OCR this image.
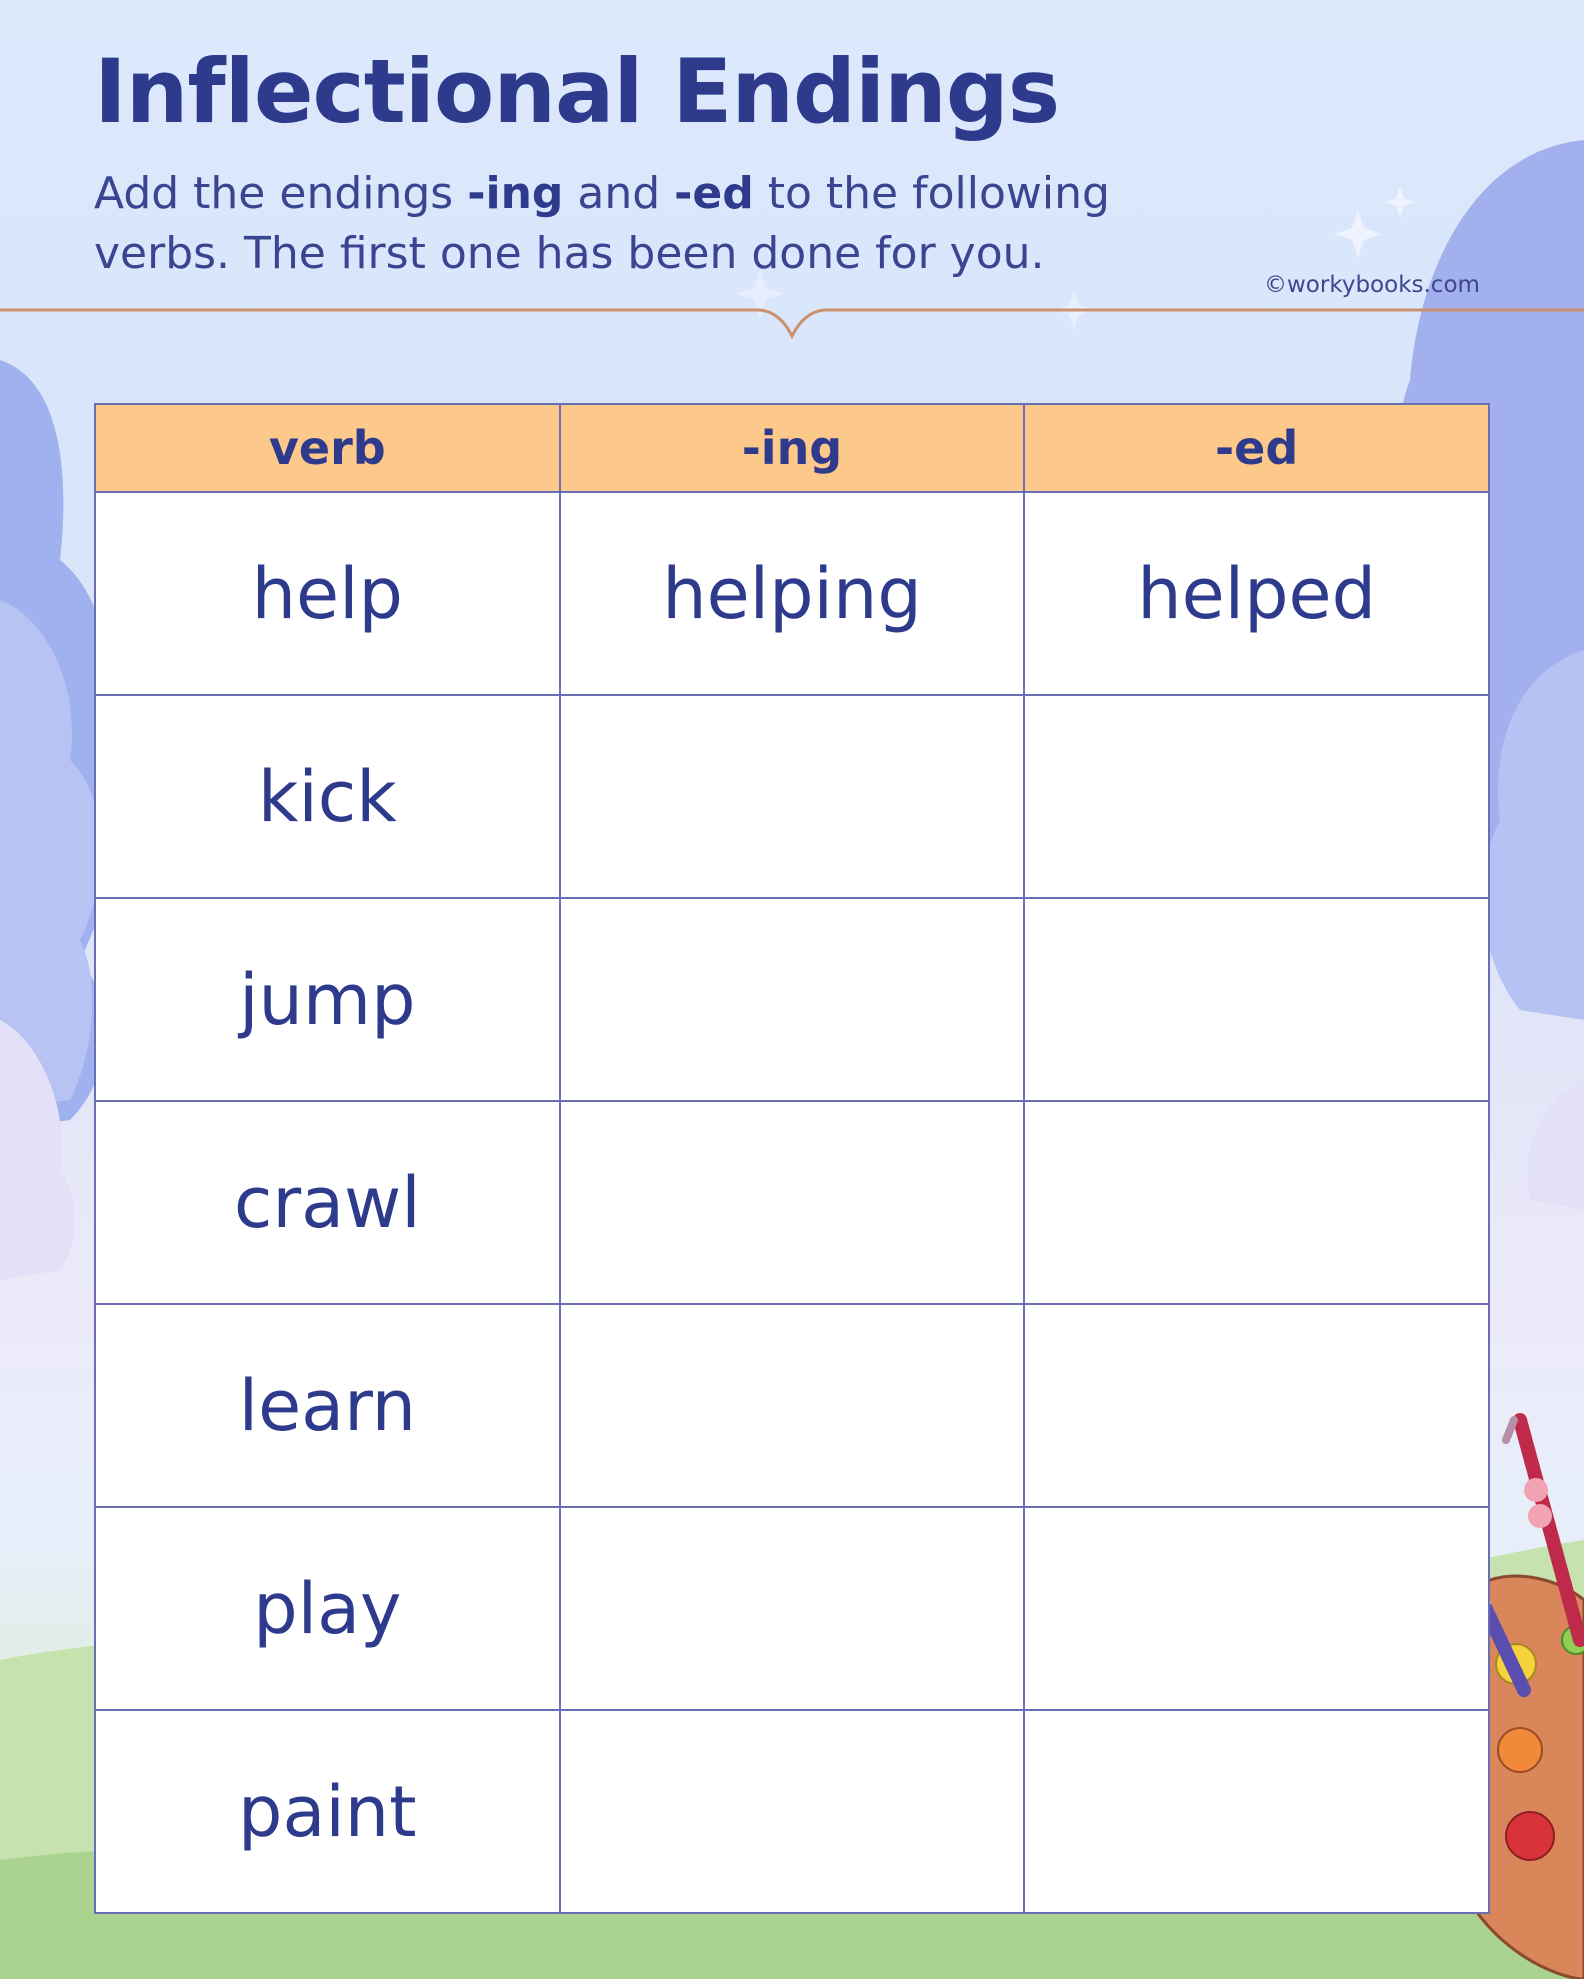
Inflectional Endings

Add the endings -ing and -ed to the following verbs. The first one has been done for you.

©workybooks.com
verb	-ing	-ed
help	helping	helped
kick		
jump		
crawl		
learn		
play		
paint		
